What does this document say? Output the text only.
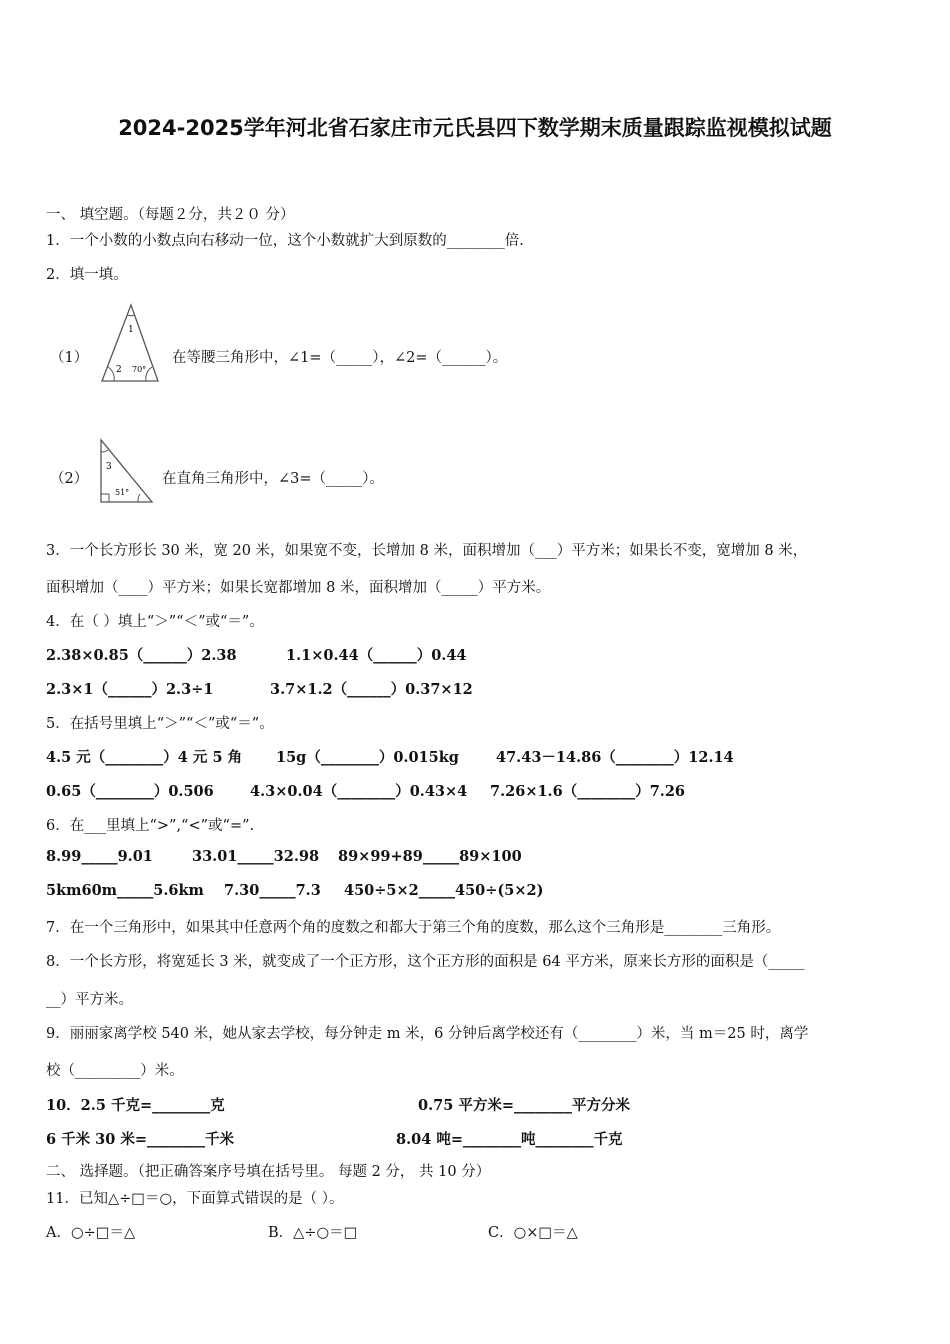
2024-2025学年河北省石家庄市元氏县四下数学期末质量跟踪监视模拟试题
一、 填空题。（每题２分，共２０ 分）
1．一个小数的小数点向右移动一位，这个小数就扩大到原数的________倍.
2．填一填。
（1）
1
2 70°
在等腰三角形中，∠1=（_____），∠2=（______）。
（2）
3
51°
在直角三角形中，∠3=（_____）。
3．一个长方形长 30 米，宽 20 米，如果宽不变，长增加 8 米，面积增加（___）平方米；如果长不变，宽增加 8 米，
面积增加（____）平方米；如果长宽都增加 8 米，面积增加（_____）平方米。
4．在（ ）填上“＞”“＜”或“＝”。
2.38×0.85（______）2.38	1.1×0.44（______）0.44
2.3×1（______）2.3÷1	3.7×1.2（______）0.37×12
5．在括号里填上“＞”“＜”或“＝”。
4.5 元（________）4 元 5 角 15g（________）0.015kg	47.43－14.86（________）12.14
0.65（________）0.506	4.3×0.04（________）0.43×4 7.26×1.6（________）7.26
6．在___里填上“>”,“<”或“=”.
8.99_____9.01	33.01_____32.98 89×99+89_____89×100
5km60m_____5.6km 7.30_____7.3 450÷5×2_____450÷(5×2)
7．在一个三角形中，如果其中任意两个角的度数之和都大于第三个角的度数，那么这个三角形是________三角形。
8．一个长方形，将宽延长 3 米，就变成了一个正方形，这个正方形的面积是 64 平方米，原来长方形的面积是（_____
__）平方米。
9．丽丽家离学校 540 米，她从家去学校，每分钟走 m 米，6 分钟后离学校还有（________）米，当 m＝25 时，离学
校（_________）米。
10．2.5 千克=________克	0.75 平方米=________平方分米
6 千米 30 米=________千米	8.04 吨=________吨________千克
二、 选择题。（把正确答案序号填在括号里。 每题 2 分， 共 10 分）
11．已知△÷□＝○，下面算式错误的是（ ）。
A．○÷□＝△	B．△÷○＝□	C．○×□＝△
